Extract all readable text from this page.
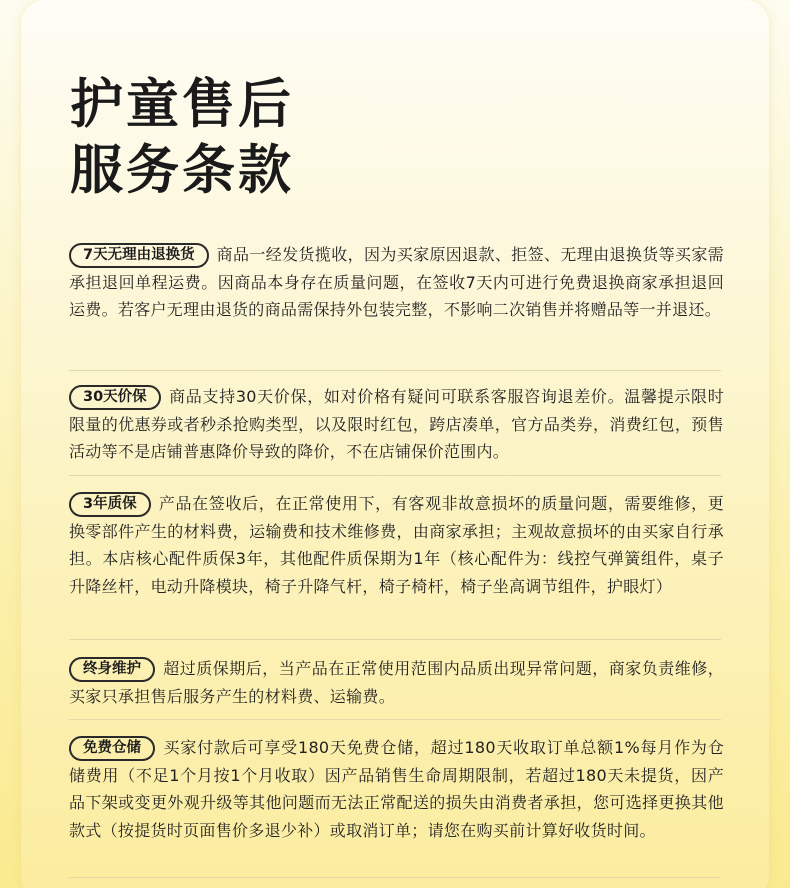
护童售后
服务条款

7天无理由退换货 商品一经发货揽收，因为买家原因退款、拒签、无理由退换货等买家需承担退回单程运费。因商品本身存在质量问题，在签收7天内可进行免费退换商家承担退回运费。若客户无理由退货的商品需保持外包装完整，不影响二次销售并将赠品等一并退还。

30天价保 商品支持30天价保，如对价格有疑问可联系客服咨询退差价。温馨提示限时限量的优惠券或者秒杀抢购类型，以及限时红包，跨店凑单，官方品类券，消费红包，预售活动等不是店铺普惠降价导致的降价，不在店铺保价范围内。

3年质保 产品在签收后，在正常使用下，有客观非故意损坏的质量问题，需要维修，更换零部件产生的材料费，运输费和技术维修费，由商家承担；主观故意损坏的由买家自行承担。本店核心配件质保3年，其他配件质保期为1年（核心配件为：线控气弹簧组件，桌子升降丝杆，电动升降模块，椅子升降气杆，椅子椅杆，椅子坐高调节组件，护眼灯）

终身维护 超过质保期后，当产品在正常使用范围内品质出现异常问题，商家负责维修，买家只承担售后服务产生的材料费、运输费。

免费仓储 买家付款后可享受180天免费仓储，超过180天收取订单总额1%每月作为仓储费用（不足1个月按1个月收取）因产品销售生命周期限制，若超过180天未提货，因产品下架或变更外观升级等其他问题而无法正常配送的损失由消费者承担，您可选择更换其他款式（按提货时页面售价多退少补）或取消订单；请您在购买前计算好收货时间。
